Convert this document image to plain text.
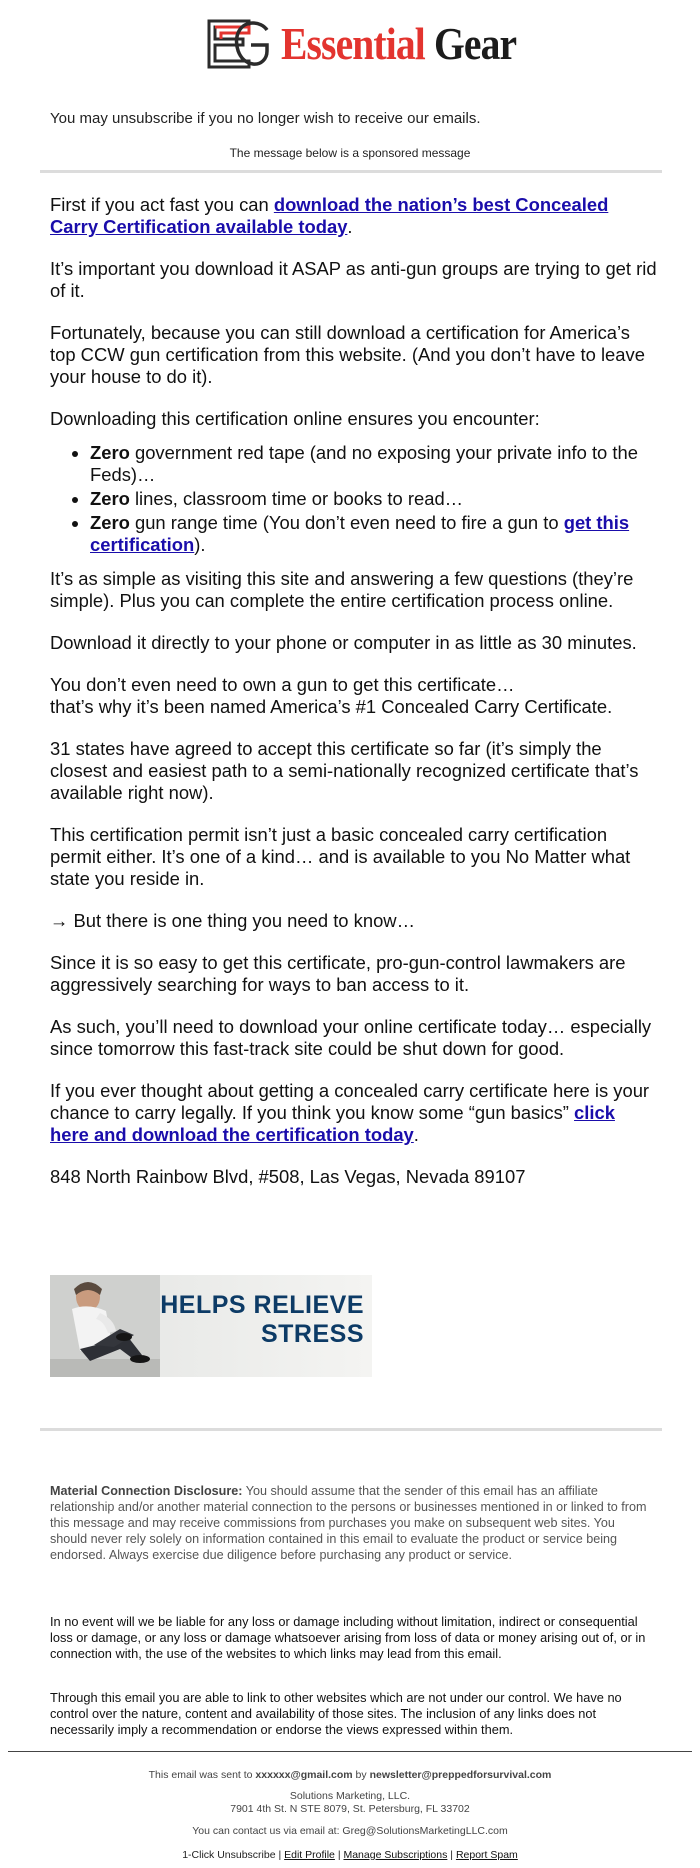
Essential Gear
You may unsubscribe if you no longer wish to receive our emails.
The message below is a sponsored message

First if you act fast you can download the nation’s best Concealed Carry Certification available today.

It’s important you download it ASAP as anti-gun groups are trying to get rid of it.

Fortunately, because you can still download a certification for America’s top CCW gun certification from this website. (And you don’t have to leave your house to do it).

Downloading this certification online ensures you encounter:

• Zero government red tape (and no exposing your private info to the Feds)…
• Zero lines, classroom time or books to read…
• Zero gun range time (You don’t even need to fire a gun to get this certification).

It’s as simple as visiting this site and answering a few questions (they’re simple). Plus you can complete the entire certification process online.

Download it directly to your phone or computer in as little as 30 minutes.

You don’t even need to own a gun to get this certificate…
that’s why it’s been named America’s #1 Concealed Carry Certificate.

31 states have agreed to accept this certificate so far (it’s simply the closest and easiest path to a semi-nationally recognized certificate that’s available right now).

This certification permit isn’t just a basic concealed carry certification permit either. It’s one of a kind… and is available to you No Matter what state you reside in.

→ But there is one thing you need to know…

Since it is so easy to get this certificate, pro-gun-control lawmakers are aggressively searching for ways to ban access to it.

As such, you’ll need to download your online certificate today… especially since tomorrow this fast-track site could be shut down for good.

If you ever thought about getting a concealed carry certificate here is your chance to carry legally. If you think you know some “gun basics” click here and download the certification today.

848 North Rainbow Blvd, #508, Las Vegas, Nevada 89107

HELPS RELIEVE
STRESS
Material Connection Disclosure: You should assume that the sender of this email has an affiliate relationship and/or another material connection to the persons or businesses mentioned in or linked to from this message and may receive commissions from purchases you make on subsequent web sites. You should never rely solely on information contained in this email to evaluate the product or service being endorsed. Always exercise due diligence before purchasing any product or service.
In no event will we be liable for any loss or damage including without limitation, indirect or consequential loss or damage, or any loss or damage whatsoever arising from loss of data or money arising out of, or in connection with, the use of the websites to which links may lead from this email.
Through this email you are able to link to other websites which are not under our control. We have no control over the nature, content and availability of those sites. The inclusion of any links does not necessarily imply a recommendation or endorse the views expressed within them.
This email was sent to xxxxxx@gmail.com by newsletter@preppedforsurvival.com
Solutions Marketing, LLC.
7901 4th St. N STE 8079, St. Petersburg, FL 33702
You can contact us via email at: Greg@SolutionsMarketingLLC.com
1-Click Unsubscribe | Edit Profile | Manage Subscriptions | Report Spam
